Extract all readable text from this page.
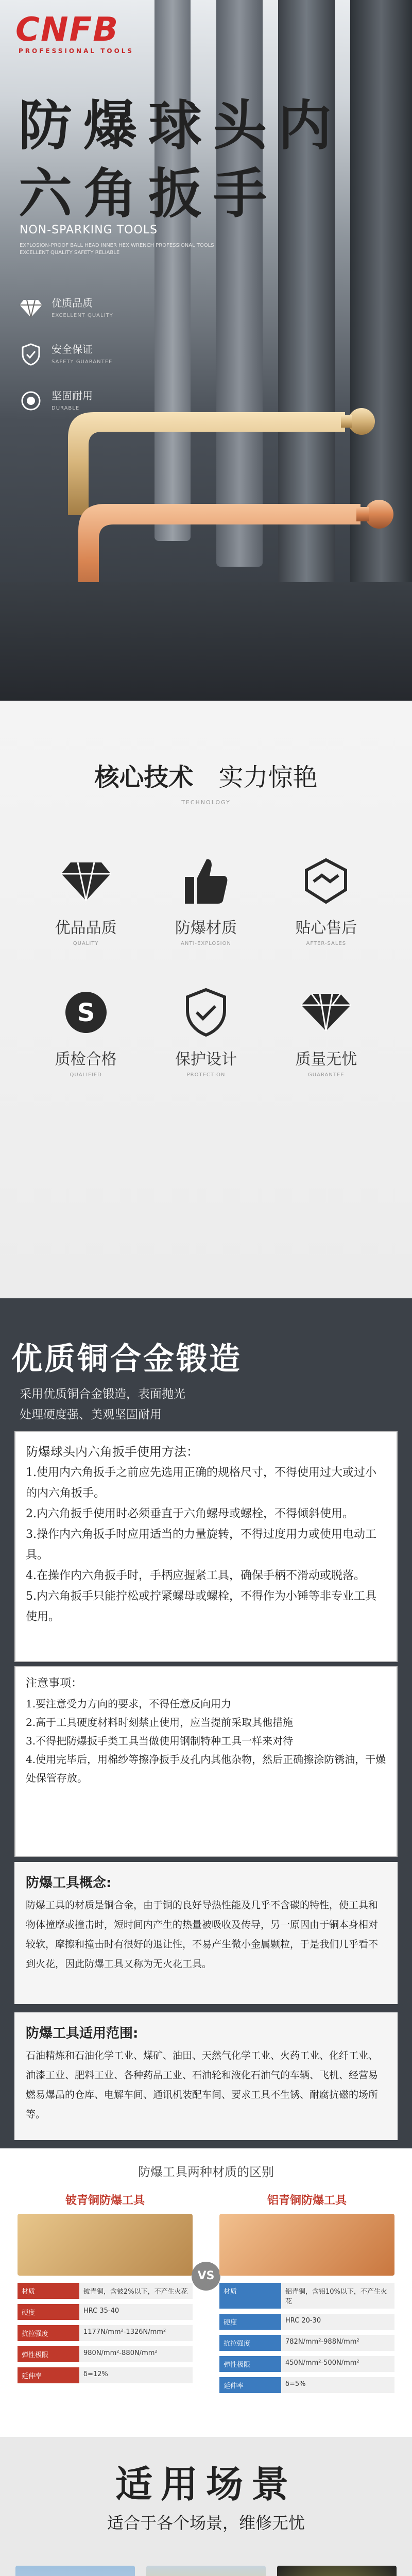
CNFB
PROFESSIONAL TOOLS
防爆球头内六角扳手
NON-SPARKING TOOLS
EXPLOSION-PROOF BALL HEAD INNER HEX WRENCH PROFESSIONAL TOOLS EXCELLENT QUALITY SAFETY RELIABLE
优质品质
EXCELLENT QUALITY
安全保证
SAFETY GUARANTEE
坚固耐用
DURABLE
核心技术 实力惊艳
TECHNOLOGY
优品品质
QUALITY
防爆材质
ANTI-EXPLOSION
贴心售后
AFTER-SALES
S
质检合格
QUALIFIED
保护设计
PROTECTION
质量无忧
GUARANTEE
优质铜合金锻造
采用优质铜合金锻造，表面抛光
处理硬度强、美观坚固耐用
防爆球头内六角扳手使用方法：
1.使用内六角扳手之前应先选用正确的规格尺寸，不得使用过大或过小的内六角扳手。
2.内六角扳手使用时必须垂直于六角螺母或螺栓，不得倾斜使用。
3.操作内六角扳手时应用适当的力量旋转，不得过度用力或使用电动工具。
4.在操作内六角扳手时，手柄应握紧工具，确保手柄不滑动或脱落。
5.内六角扳手只能拧松或拧紧螺母或螺栓，不得作为小锤等非专业工具使用。
注意事项：
1.要注意受力方向的要求，不得任意反向用力
2.高于工具硬度材料时刻禁止使用，应当提前采取其他措施
3.不得把防爆扳手类工具当做使用钢制特种工具一样来对待
4.使用完毕后，用棉纱等擦净扳手及孔内其他杂物，然后正确擦涂防锈油，干燥处保管存放。
防爆工具概念:
防爆工具的材质是铜合金，由于铜的良好导热性能及几乎不含碳的特性，使工具和物体撞摩或撞击时，短时间内产生的热量被吸收及传导，另一原因由于铜本身相对较软，摩擦和撞击时有很好的退让性，不易产生微小金属颗粒，于是我们几乎看不到火花，因此防爆工具又称为无火花工具。
防爆工具适用范围:
石油精炼和石油化学工业、煤矿、油田、天然气化学工业、火药工业、化纤工业、油漆工业、肥料工业、各种药品工业、石油轮和液化石油气的车辆、飞机、经营易燃易爆品的仓库、电解车间、通讯机装配车间、要求工具不生锈、耐腐抗磁的场所等。
防爆工具两种材质的区别
铍青铜防爆工具
材质	铍青铜，含铍2%以下，不产生火花
硬度	HRC 35-40
抗拉强度	1177N/mm²-1326N/mm²
弹性极限	980N/mm²-880N/mm²
延伸率	δ=12%
VS
铝青铜防爆工具
材质	铝青铜，含铝10%以下，不产生火花
硬度	HRC 20-30
抗拉强度	782N/mm²-988N/mm²
弹性极限	450N/mm²-500N/mm²
延伸率	δ=5%
适用场景
适合于各个场景，维修无忧
